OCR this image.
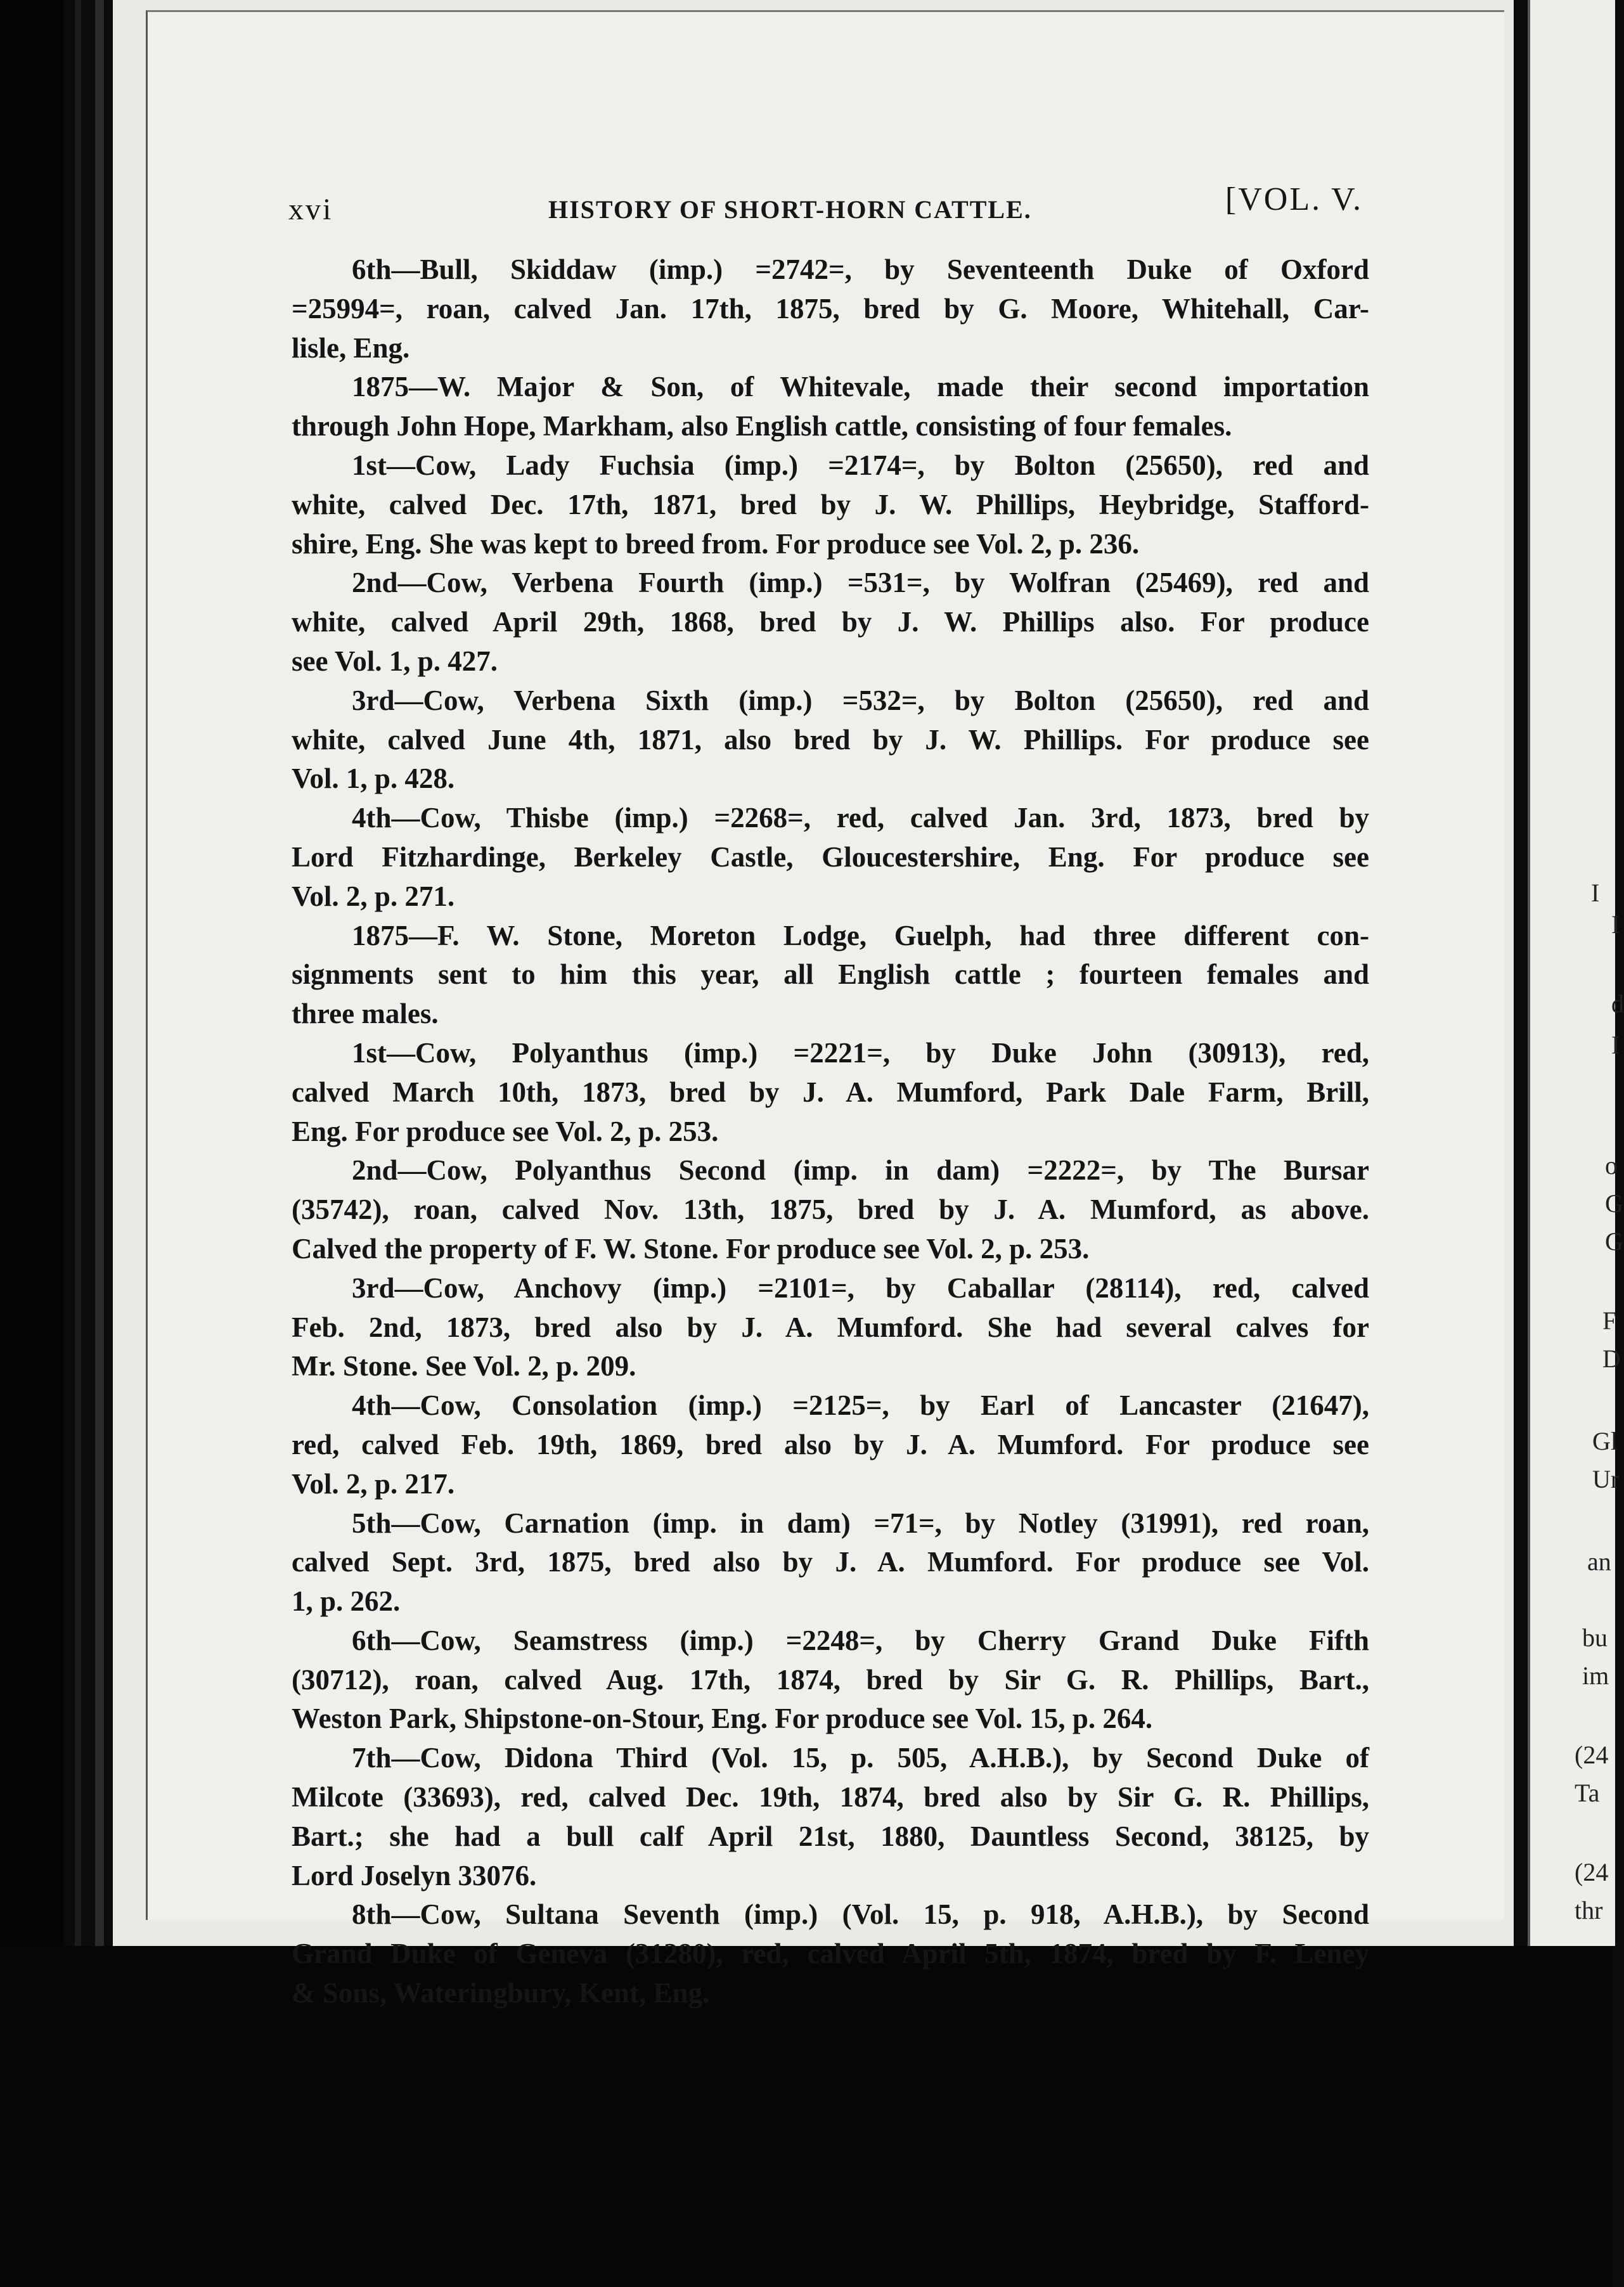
I
I
d
I
o
G
G
F
D
Gl
Ur
an
bu
im
(24
Ta
(24
thr
xvi	HISTORY OF SHORT-HORN CATTLE.	[VOL. V.
6th—Bull, Skiddaw (imp.) =2742=, by Seventeenth Duke of Oxford
=25994=, roan, calved Jan. 17th, 1875, bred by G. Moore, Whitehall, Car-
lisle, Eng.
1875—W. Major & Son, of Whitevale, made their second importation
through John Hope, Markham, also English cattle, consisting of four females.
1st—Cow, Lady Fuchsia (imp.) =2174=, by Bolton (25650), red and
white, calved Dec. 17th, 1871, bred by J. W. Phillips, Heybridge, Stafford-
shire, Eng. She was kept to breed from. For produce see Vol. 2, p. 236.
2nd—Cow, Verbena Fourth (imp.) =531=, by Wolfran (25469), red and
white, calved April 29th, 1868, bred by J. W. Phillips also. For produce
see Vol. 1, p. 427.
3rd—Cow, Verbena Sixth (imp.) =532=, by Bolton (25650), red and
white, calved June 4th, 1871, also bred by J. W. Phillips. For produce see
Vol. 1, p. 428.
4th—Cow, Thisbe (imp.) =2268=, red, calved Jan. 3rd, 1873, bred by
Lord Fitzhardinge, Berkeley Castle, Gloucestershire, Eng. For produce see
Vol. 2, p. 271.
1875—F. W. Stone, Moreton Lodge, Guelph, had three different con-
signments sent to him this year, all English cattle ; fourteen females and
three males.
1st—Cow, Polyanthus (imp.) =2221=, by Duke John (30913), red,
calved March 10th, 1873, bred by J. A. Mumford, Park Dale Farm, Brill,
Eng. For produce see Vol. 2, p. 253.
2nd—Cow, Polyanthus Second (imp. in dam) =2222=, by The Bursar
(35742), roan, calved Nov. 13th, 1875, bred by J. A. Mumford, as above.
Calved the property of F. W. Stone. For produce see Vol. 2, p. 253.
3rd—Cow, Anchovy (imp.) =2101=, by Caballar (28114), red, calved
Feb. 2nd, 1873, bred also by J. A. Mumford. She had several calves for
Mr. Stone. See Vol. 2, p. 209.
4th—Cow, Consolation (imp.) =2125=, by Earl of Lancaster (21647),
red, calved Feb. 19th, 1869, bred also by J. A. Mumford. For produce see
Vol. 2, p. 217.
5th—Cow, Carnation (imp. in dam) =71=, by Notley (31991), red roan,
calved Sept. 3rd, 1875, bred also by J. A. Mumford. For produce see Vol.
1, p. 262.
6th—Cow, Seamstress (imp.) =2248=, by Cherry Grand Duke Fifth
(30712), roan, calved Aug. 17th, 1874, bred by Sir G. R. Phillips, Bart.,
Weston Park, Shipstone-on-Stour, Eng. For produce see Vol. 15, p. 264.
7th—Cow, Didona Third (Vol. 15, p. 505, A.H.B.), by Second Duke of
Milcote (33693), red, calved Dec. 19th, 1874, bred also by Sir G. R. Phillips,
Bart.; she had a bull calf April 21st, 1880, Dauntless Second, 38125, by
Lord Joselyn 33076.
8th—Cow, Sultana Seventh (imp.) (Vol. 15, p. 918, A.H.B.), by Second
Grand Duke of Geneva (31280), red, calved April 5th, 1874, bred by F. Leney
& Sons, Wateringbury, Kent, Eng.
